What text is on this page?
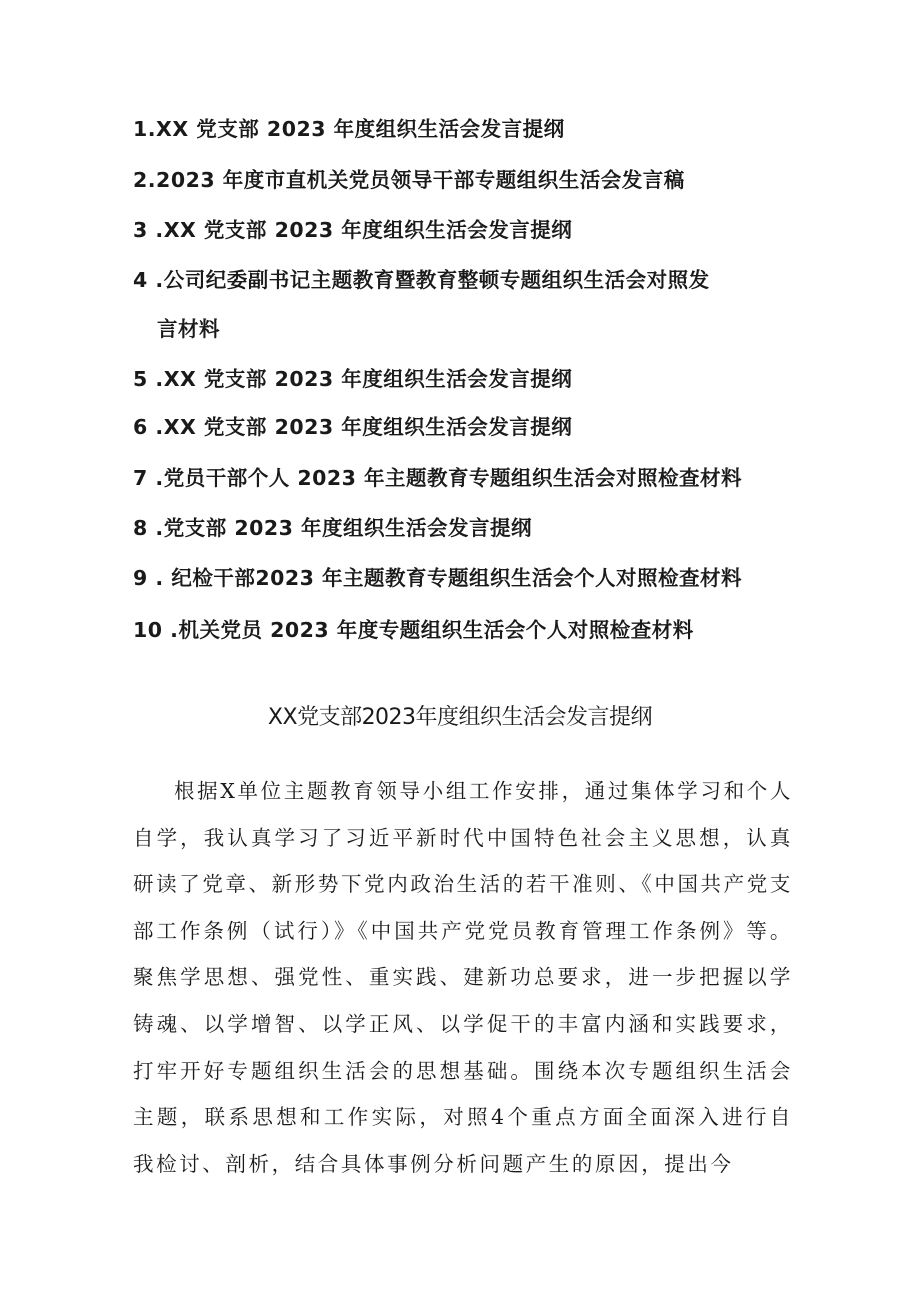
1.XX 党支部 2023 年度组织生活会发言提纲
2.2023 年度市直机关党员领导干部专题组织生活会发言稿
3 .XX 党支部 2023 年度组织生活会发言提纲
4 .公司纪委副书记主题教育暨教育整顿专题组织生活会对照发
言材料
5 .XX 党支部 2023 年度组织生活会发言提纲
6 .XX 党支部 2023 年度组织生活会发言提纲
7 .党员干部个人 2023 年主题教育专题组织生活会对照检查材料
8 .党支部 2023 年度组织生活会发言提纲
9 . 纪检干部2023 年主题教育专题组织生活会个人对照检查材料
10 .机关党员 2023 年度专题组织生活会个人对照检查材料
XX党支部2023年度组织生活会发言提纲
根据X单位主题教育领导小组工作安排，通过集体学习和个人自学，我认真学习了习近平新时代中国特色社会主义思想，认真研读了党章、新形势下党内政治生活的若干准则、《中国共产党支部工作条例（试行）》《中国共产党党员教育管理工作条例》等。聚焦学思想、强党性、重实践、建新功总要求，进一步把握以学铸魂、以学增智、以学正风、以学促干的丰富内涵和实践要求，打牢开好专题组织生活会的思想基础。围绕本次专题组织生活会主题，联系思想和工作实际，对照4个重点方面全面深入进行自我检讨、剖析，结合具体事例分析问题产生的原因，提出今
